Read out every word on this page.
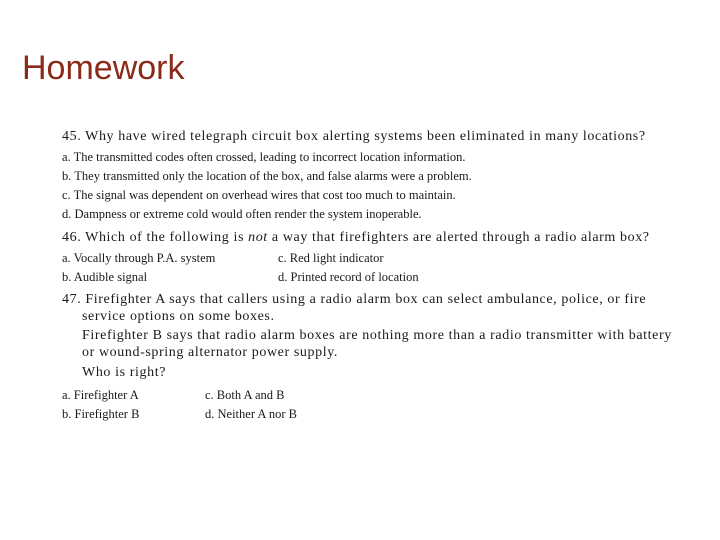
Homework

45. Why have wired telegraph circuit box alerting systems been eliminated in many locations?

a. The transmitted codes often crossed, leading to incorrect location information.
b. They transmitted only the location of the box, and false alarms were a problem.
c. The signal was dependent on overhead wires that cost too much to maintain.
d. Dampness or extreme cold would often render the system inoperable.

46. Which of the following is not a way that firefighters are alerted through a radio alarm box?

a. Vocally through P.A. system	c. Red light indicator
b. Audible signal	d. Printed record of location
47. Firefighter A says that callers using a radio alarm box can select ambulance, police, or fire service options on some boxes.
Firefighter B says that radio alarm boxes are nothing more than a radio transmitter with battery or wound-spring alternator power supply.
Who is right?
a. Firefighter A	c. Both A and B
b. Firefighter B	d. Neither A nor B
